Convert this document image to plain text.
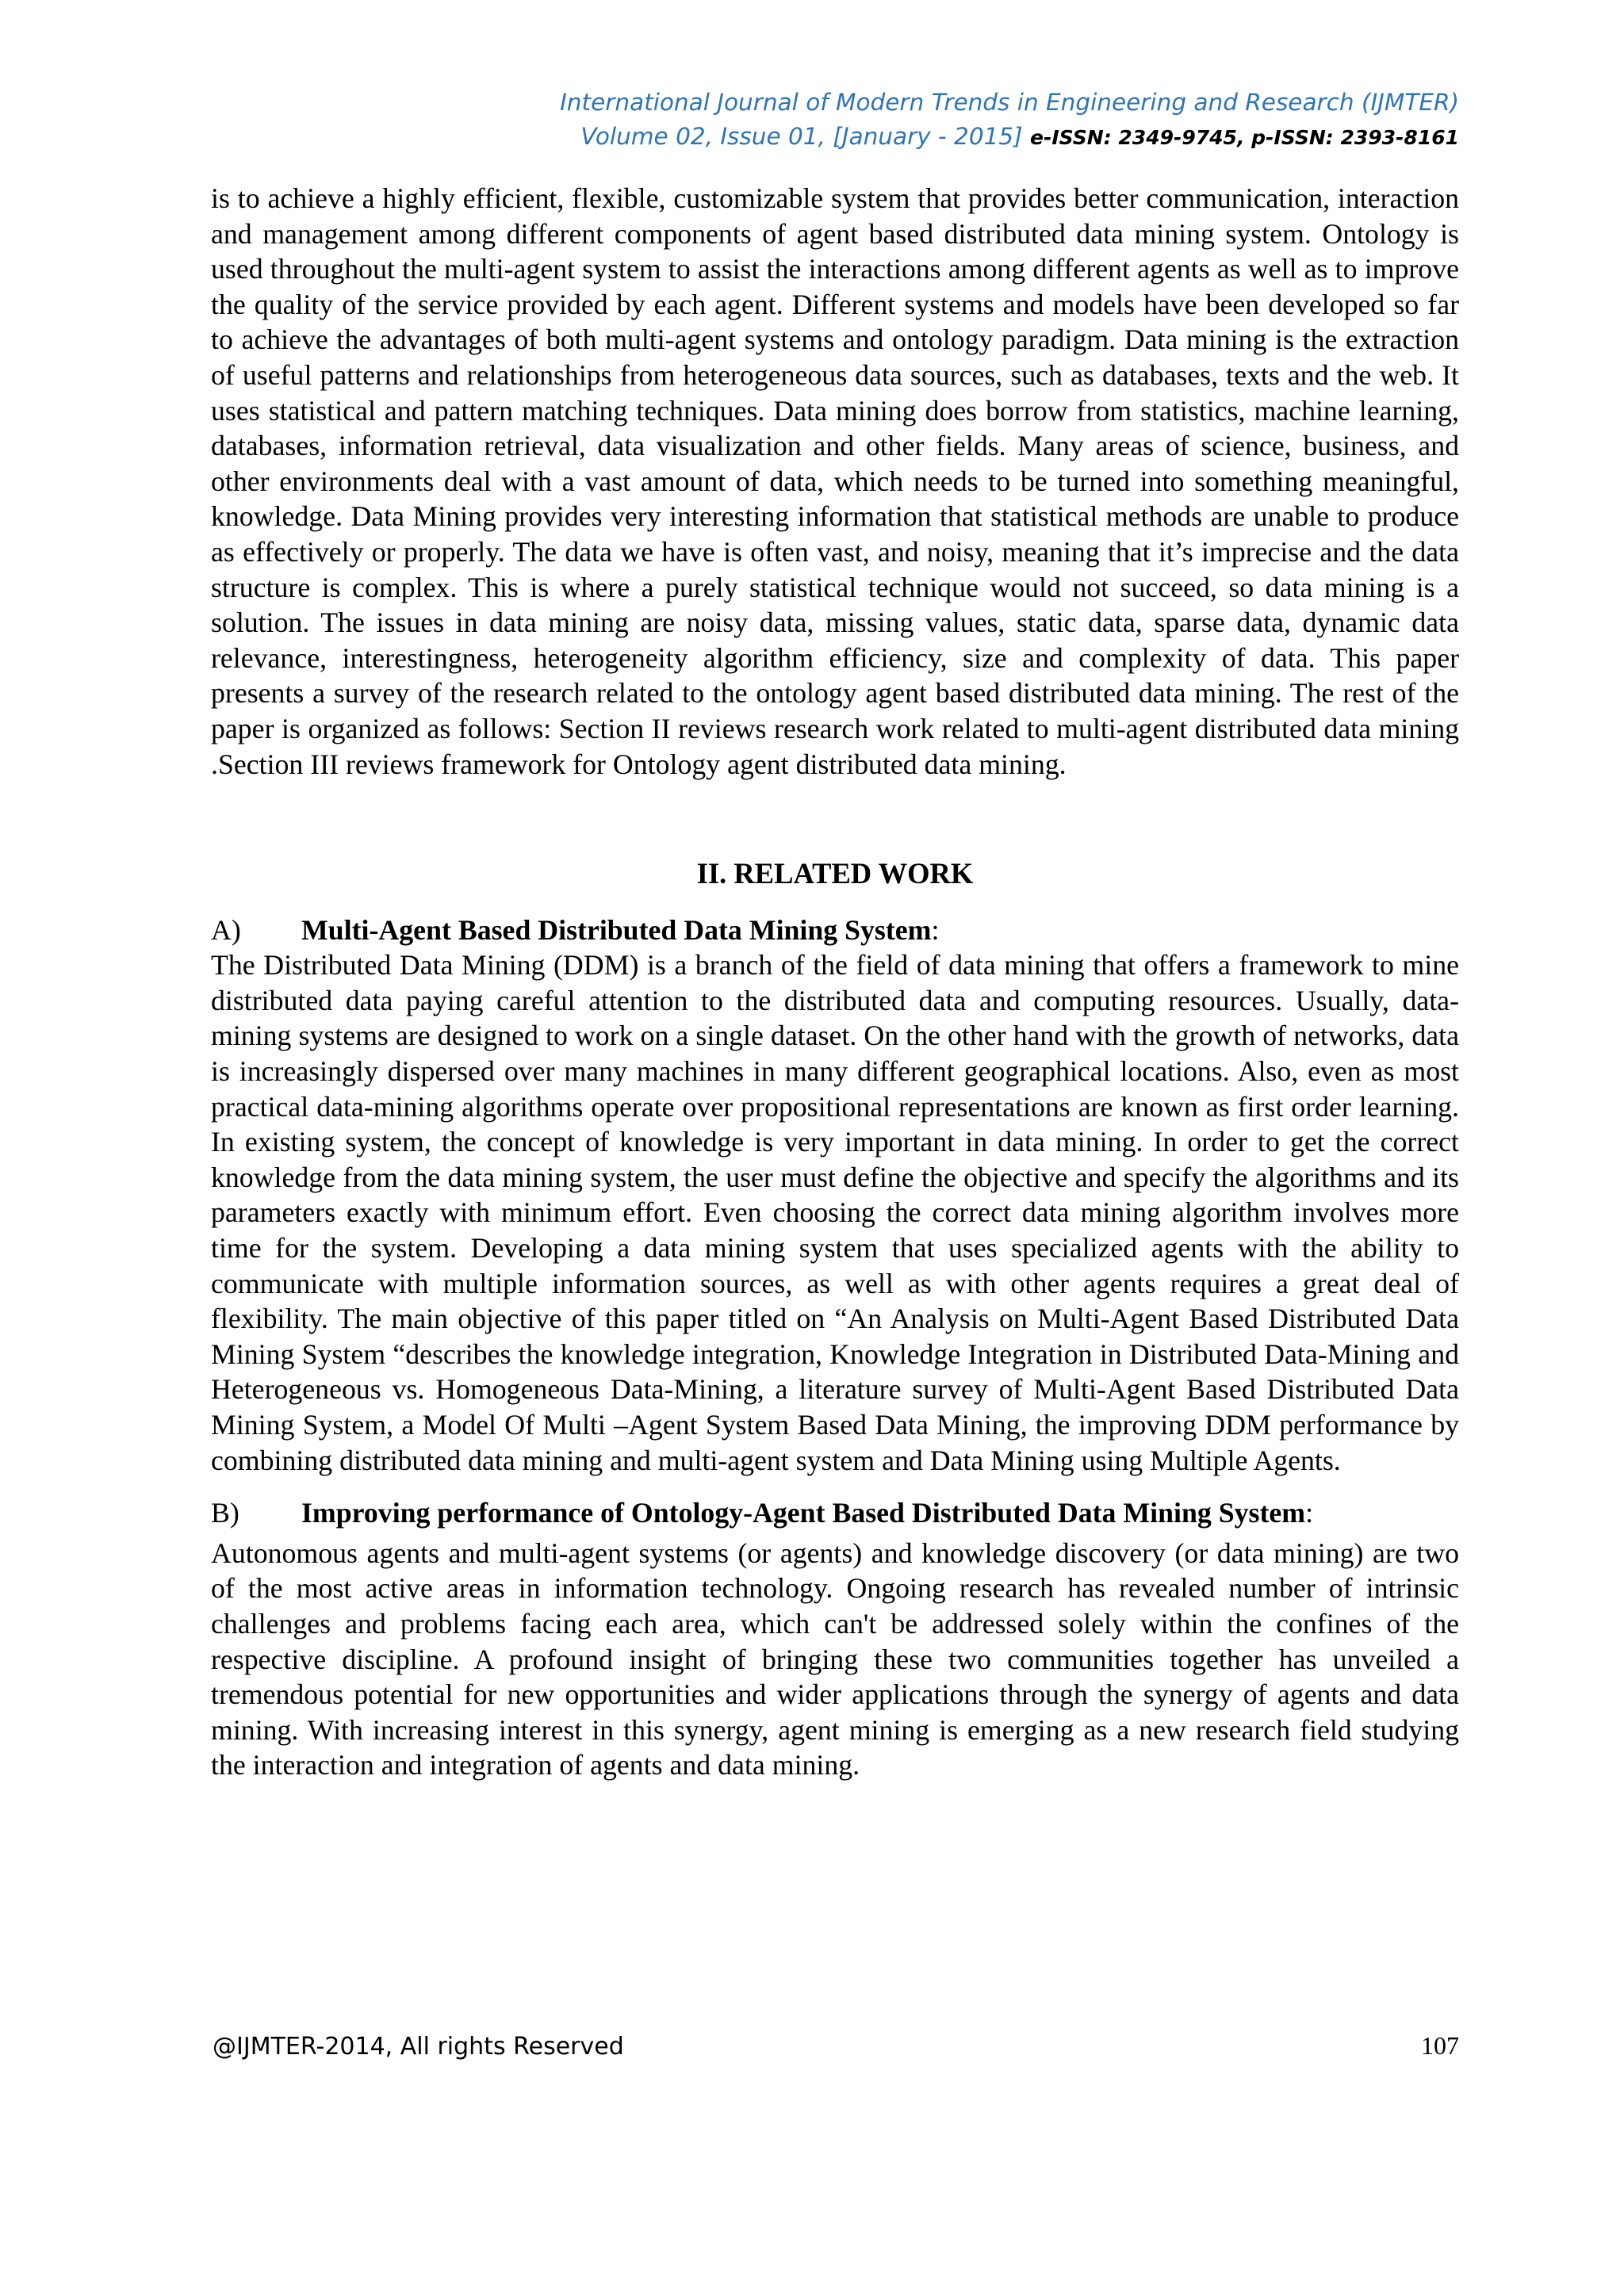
International Journal of Modern Trends in Engineering and Research (IJMTER)
Volume 02, Issue 01, [January - 2015] e-ISSN: 2349-9745, p-ISSN: 2393-8161

is to achieve a highly efficient, flexible, customizable system that provides better communication, interaction and management among different components of agent based distributed data mining system. Ontology is used throughout the multi-agent system to assist the interactions among different agents as well as to improve the quality of the service provided by each agent. Different systems and models have been developed so far to achieve the advantages of both multi-agent systems and ontology paradigm. Data mining is the extraction of useful patterns and relationships from heterogeneous data sources, such as databases, texts and the web. It uses statistical and pattern matching techniques. Data mining does borrow from statistics, machine learning, databases, information retrieval, data visualization and other fields. Many areas of science, business, and other environments deal with a vast amount of data, which needs to be turned into something meaningful, knowledge. Data Mining provides very interesting information that statistical methods are unable to produce as effectively or properly. The data we have is often vast, and noisy, meaning that it’s imprecise and the data structure is complex. This is where a purely statistical technique would not succeed, so data mining is a solution. The issues in data mining are noisy data, missing values, static data, sparse data, dynamic data relevance, interestingness, heterogeneity algorithm efficiency, size and complexity of data. This paper presents a survey of the research related to the ontology agent based distributed data mining. The rest of the paper is organized as follows: Section II reviews research work related to multi-agent distributed data mining .Section III reviews framework for Ontology agent distributed data mining.

II. RELATED WORK
A) Multi-Agent Based Distributed Data Mining System:

The Distributed Data Mining (DDM) is a branch of the field of data mining that offers a framework to mine distributed data paying careful attention to the distributed data and computing resources. Usually, data-mining systems are designed to work on a single dataset. On the other hand with the growth of networks, data is increasingly dispersed over many machines in many different geographical locations. Also, even as most practical data-mining algorithms operate over propositional representations are known as first order learning. In existing system, the concept of knowledge is very important in data mining. In order to get the correct knowledge from the data mining system, the user must define the objective and specify the algorithms and its parameters exactly with minimum effort. Even choosing the correct data mining algorithm involves more time for the system. Developing a data mining system that uses specialized agents with the ability to communicate with multiple information sources, as well as with other agents requires a great deal of flexibility. The main objective of this paper titled on “An Analysis on Multi-Agent Based Distributed Data Mining System “describes the knowledge integration, Knowledge Integration in Distributed Data-Mining and Heterogeneous vs. Homogeneous Data-Mining, a literature survey of Multi-Agent Based Distributed Data Mining System, a Model Of Multi –Agent System Based Data Mining, the improving DDM performance by combining distributed data mining and multi-agent system and Data Mining using Multiple Agents.

B) Improving performance of Ontology-Agent Based Distributed Data Mining System:

Autonomous agents and multi-agent systems (or agents) and knowledge discovery (or data mining) are two of the most active areas in information technology. Ongoing research has revealed number of intrinsic challenges and problems facing each area, which can't be addressed solely within the confines of the respective discipline. A profound insight of bringing these two communities together has unveiled a tremendous potential for new opportunities and wider applications through the synergy of agents and data mining. With increasing interest in this synergy, agent mining is emerging as a new research field studying the interaction and integration of agents and data mining.

@IJMTER-2014, All rights Reserved	107
